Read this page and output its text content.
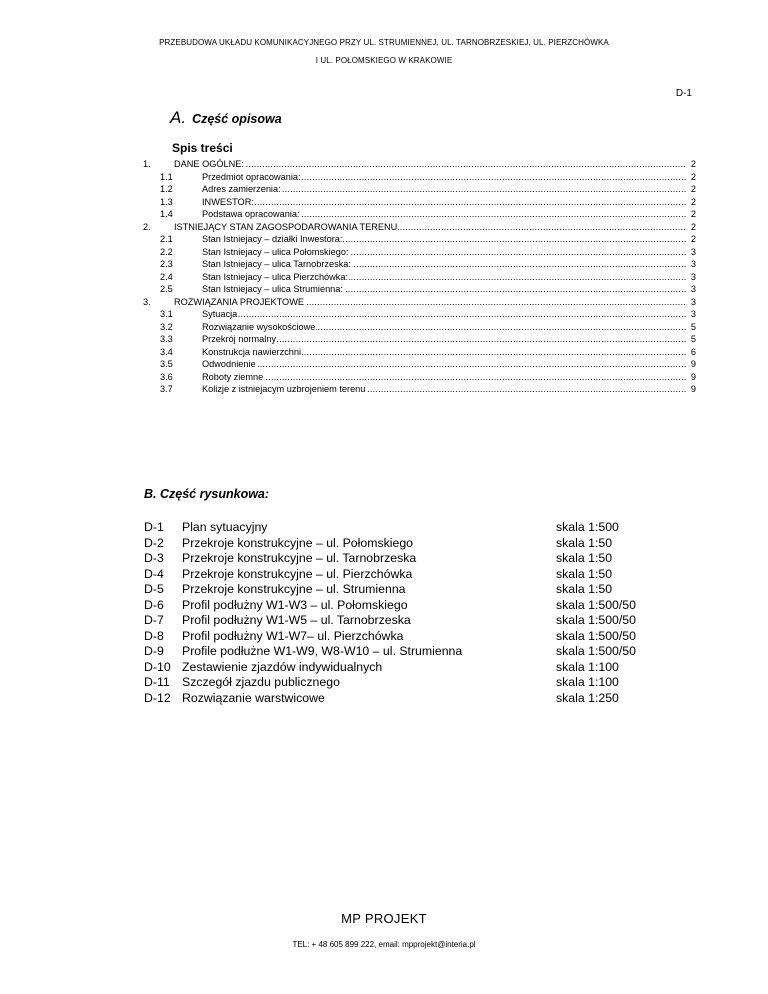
PRZEBUDOWA UKŁADU KOMUNIKACYJNEGO PRZY UL. STRUMIENNEJ, UL. TARNOBRZESKIEJ, UL. PIERZCHÓWKA
I UL. POŁOMSKIEGO W KRAKOWIE
D-1
A. Część opisowa
Spis treści
1. .....	DANE OGÓLNE:	2
1.1 .....	Przedmiot opracowania:	2
1.2 .....	Adres zamierzenia:	2
1.3 .....	INWESTOR:	2
1.4 .....	Podstawa opracowania:	2
2. .....	ISTNIEJĄCY STAN ZAGOSPODAROWANIA TERENU	2
2.1 .....	Stan Istniejacy – działki Inwestora:	2
2.2 .....	Stan Istniejacy – ulica Połomskiego:	3
2.3 .....	Stan Istniejacy – ulica Tarnobrzeska:	3
2.4 .....	Stan Istniejacy – ulica Pierzchówka:	3
2.5 .....	Stan Istniejacy – ulica Strumienna:	3
3. .....	ROZWIĄZANIA PROJEKTOWE	3
3.1 .....	Sytuacja	3
3.2 .....	Rozwiązanie wysokościowe	5
3.3 .....	Przekrój normalny	5
3.4 .....	Konstrukcja nawierzchni	6
3.5 .....	Odwodnienie	9
3.6 .....	Roboty ziemne	9
3.7 .....	Kolizje z istniejacym uzbrojeniem terenu	9
B. Część rysunkowa:
D-1 Plan sytuacyjny	skala 1:500
D-2 Przekroje konstrukcyjne – ul. Połomskiego	skala 1:50
D-3 Przekroje konstrukcyjne – ul. Tarnobrzeska	skala 1:50
D-4 Przekroje konstrukcyjne – ul. Pierzchówka	skala 1:50
D-5 Przekroje konstrukcyjne – ul. Strumienna	skala 1:50
D-6 Profil podłużny W1-W3 – ul. Połomskiego	skala 1:500/50
D-7 Profil podłużny W1-W5 – ul. Tarnobrzeska	skala 1:500/50
D-8 Profil podłużny W1-W7– ul. Pierzchówka	skala 1:500/50
D-9 Profile podłużne W1-W9, W8-W10 – ul. Strumienna	skala 1:500/50
D-10 Zestawienie zjazdów indywidualnych	skala 1:100
D-11 Szczegół zjazdu publicznego	skala 1:100
D-12 Rozwiązanie warstwicowe	skala 1:250
MP PROJEKT
TEL: + 48 605 899 222, email: mpprojekt@interia.pl
